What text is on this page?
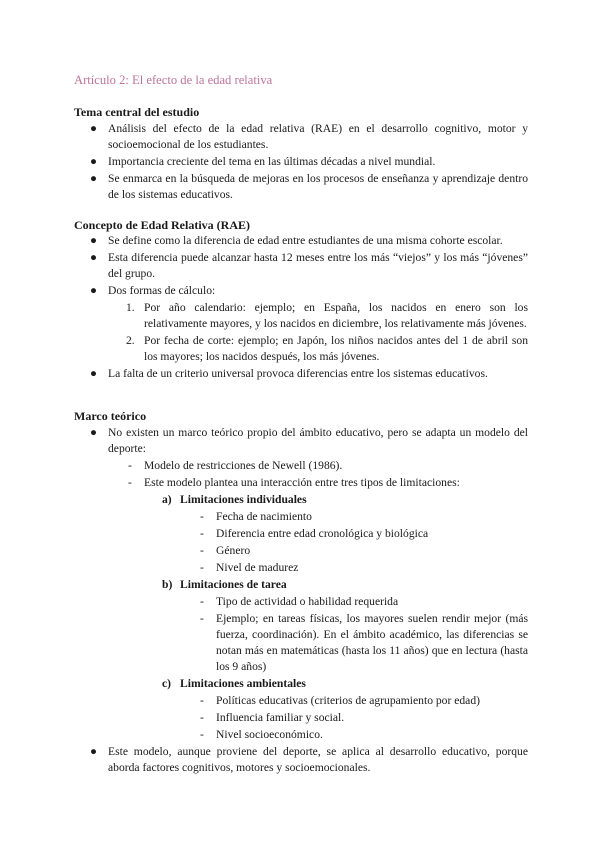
Artículo 2: El efecto de la edad relativa

Tema central del estudio

● Análisis del efecto de la edad relativa (RAE) en el desarrollo cognitivo, motor y socioemocional de los estudiantes.
● Importancia creciente del tema en las últimas décadas a nivel mundial.
● Se enmarca en la búsqueda de mejoras en los procesos de enseñanza y aprendizaje dentro de los sistemas educativos.

Concepto de Edad Relativa (RAE)

● Se define como la diferencia de edad entre estudiantes de una misma cohorte escolar.
● Esta diferencia puede alcanzar hasta 12 meses entre los más “viejos” y los más “jóvenes” del grupo.
● Dos formas de cálculo:
1. Por año calendario: ejemplo; en España, los nacidos en enero son los relativamente mayores, y los nacidos en diciembre, los relativamente más jóvenes.
2. Por fecha de corte: ejemplo; en Japón, los niños nacidos antes del 1 de abril son los mayores; los nacidos después, los más jóvenes.
● La falta de un criterio universal provoca diferencias entre los sistemas educativos.

Marco teórico

● No existen un marco teórico propio del ámbito educativo, pero se adapta un modelo del deporte:
- Modelo de restricciones de Newell (1986).
- Este modelo plantea una interacción entre tres tipos de limitaciones:
a) Limitaciones individuales
- Fecha de nacimiento
- Diferencia entre edad cronológica y biológica
- Género
- Nivel de madurez
b) Limitaciones de tarea
- Tipo de actividad o habilidad requerida
- Ejemplo; en tareas físicas, los mayores suelen rendir mejor (más fuerza, coordinación). En el ámbito académico, las diferencias se notan más en matemáticas (hasta los 11 años) que en lectura (hasta los 9 años)
c) Limitaciones ambientales
- Políticas educativas (criterios de agrupamiento por edad)
- Influencia familiar y social.
- Nivel socioeconómico.
● Este modelo, aunque proviene del deporte, se aplica al desarrollo educativo, porque aborda factores cognitivos, motores y socioemocionales.
